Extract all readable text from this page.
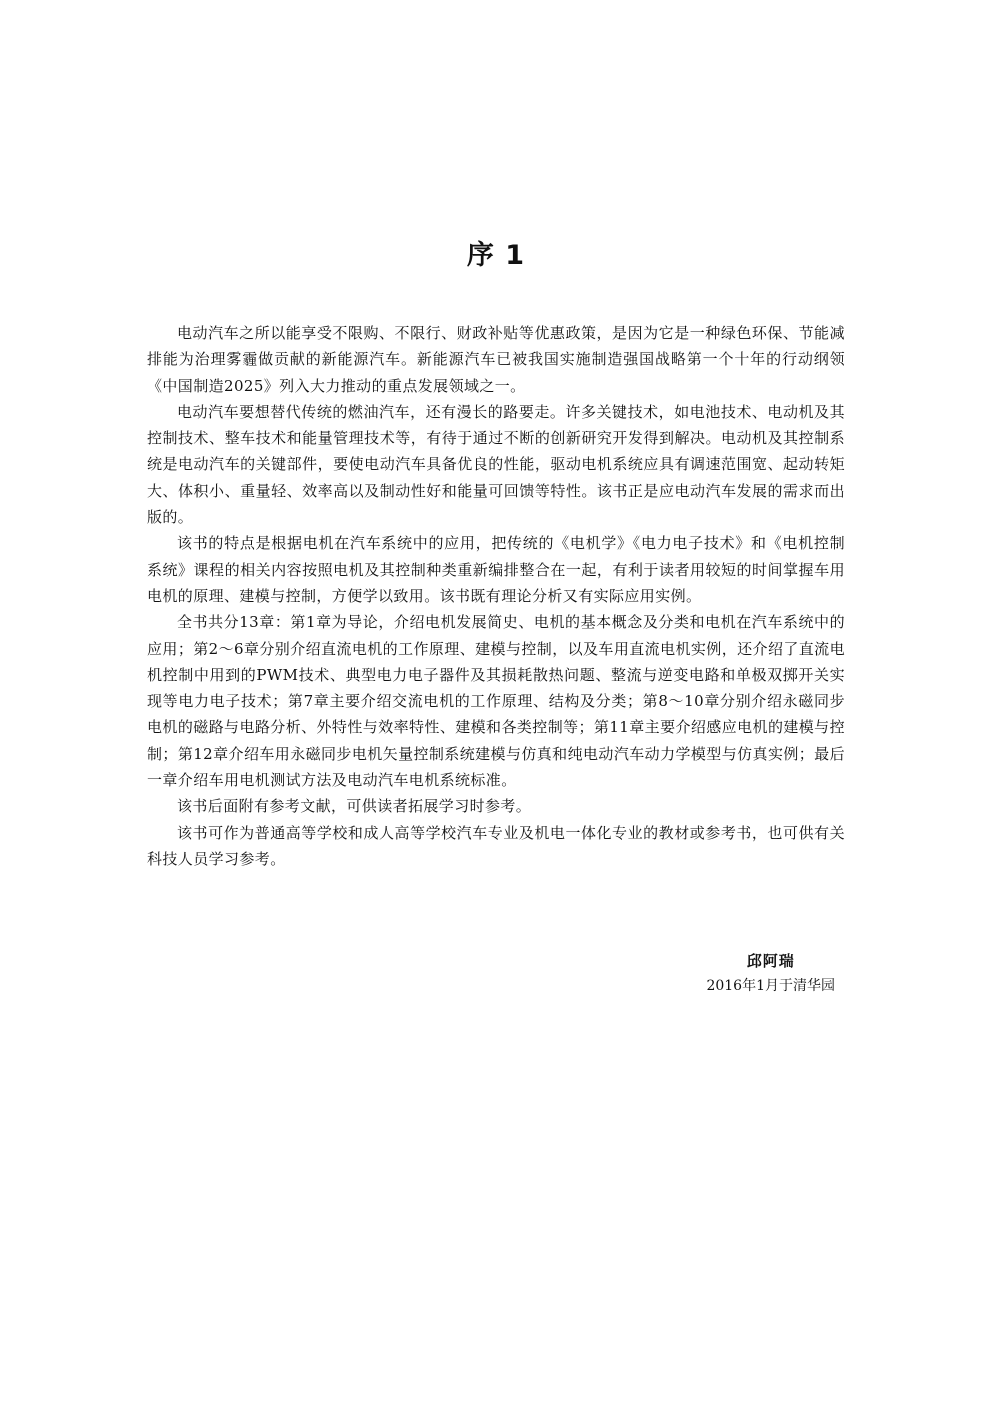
序 1

电动汽车之所以能享受不限购、不限行、财政补贴等优惠政策，是因为它是一种绿色环保、节能减排能为治理雾霾做贡献的新能源汽车。新能源汽车已被我国实施制造强国战略第一个十年的行动纲领《中国制造2025》列入大力推动的重点发展领域之一。

电动汽车要想替代传统的燃油汽车，还有漫长的路要走。许多关键技术，如电池技术、电动机及其控制技术、整车技术和能量管理技术等，有待于通过不断的创新研究开发得到解决。电动机及其控制系统是电动汽车的关键部件，要使电动汽车具备优良的性能，驱动电机系统应具有调速范围宽、起动转矩大、体积小、重量轻、效率高以及制动性好和能量可回馈等特性。该书正是应电动汽车发展的需求而出版的。

该书的特点是根据电机在汽车系统中的应用，把传统的《电机学》《电力电子技术》和《电机控制系统》课程的相关内容按照电机及其控制种类重新编排整合在一起，有利于读者用较短的时间掌握车用电机的原理、建模与控制，方便学以致用。该书既有理论分析又有实际应用实例。

全书共分13章：第1章为导论，介绍电机发展简史、电机的基本概念及分类和电机在汽车系统中的应用；第2～6章分别介绍直流电机的工作原理、建模与控制，以及车用直流电机实例，还介绍了直流电机控制中用到的PWM技术、典型电力电子器件及其损耗散热问题、整流与逆变电路和单极双掷开关实现等电力电子技术；第7章主要介绍交流电机的工作原理、结构及分类；第8～10章分别介绍永磁同步电机的磁路与电路分析、外特性与效率特性、建模和各类控制等；第11章主要介绍感应电机的建模与控制；第12章介绍车用永磁同步电机矢量控制系统建模与仿真和纯电动汽车动力学模型与仿真实例；最后一章介绍车用电机测试方法及电动汽车电机系统标准。

该书后面附有参考文献，可供读者拓展学习时参考。

该书可作为普通高等学校和成人高等学校汽车专业及机电一体化专业的教材或参考书，也可供有关科技人员学习参考。

邱阿瑞
2016年1月于清华园
